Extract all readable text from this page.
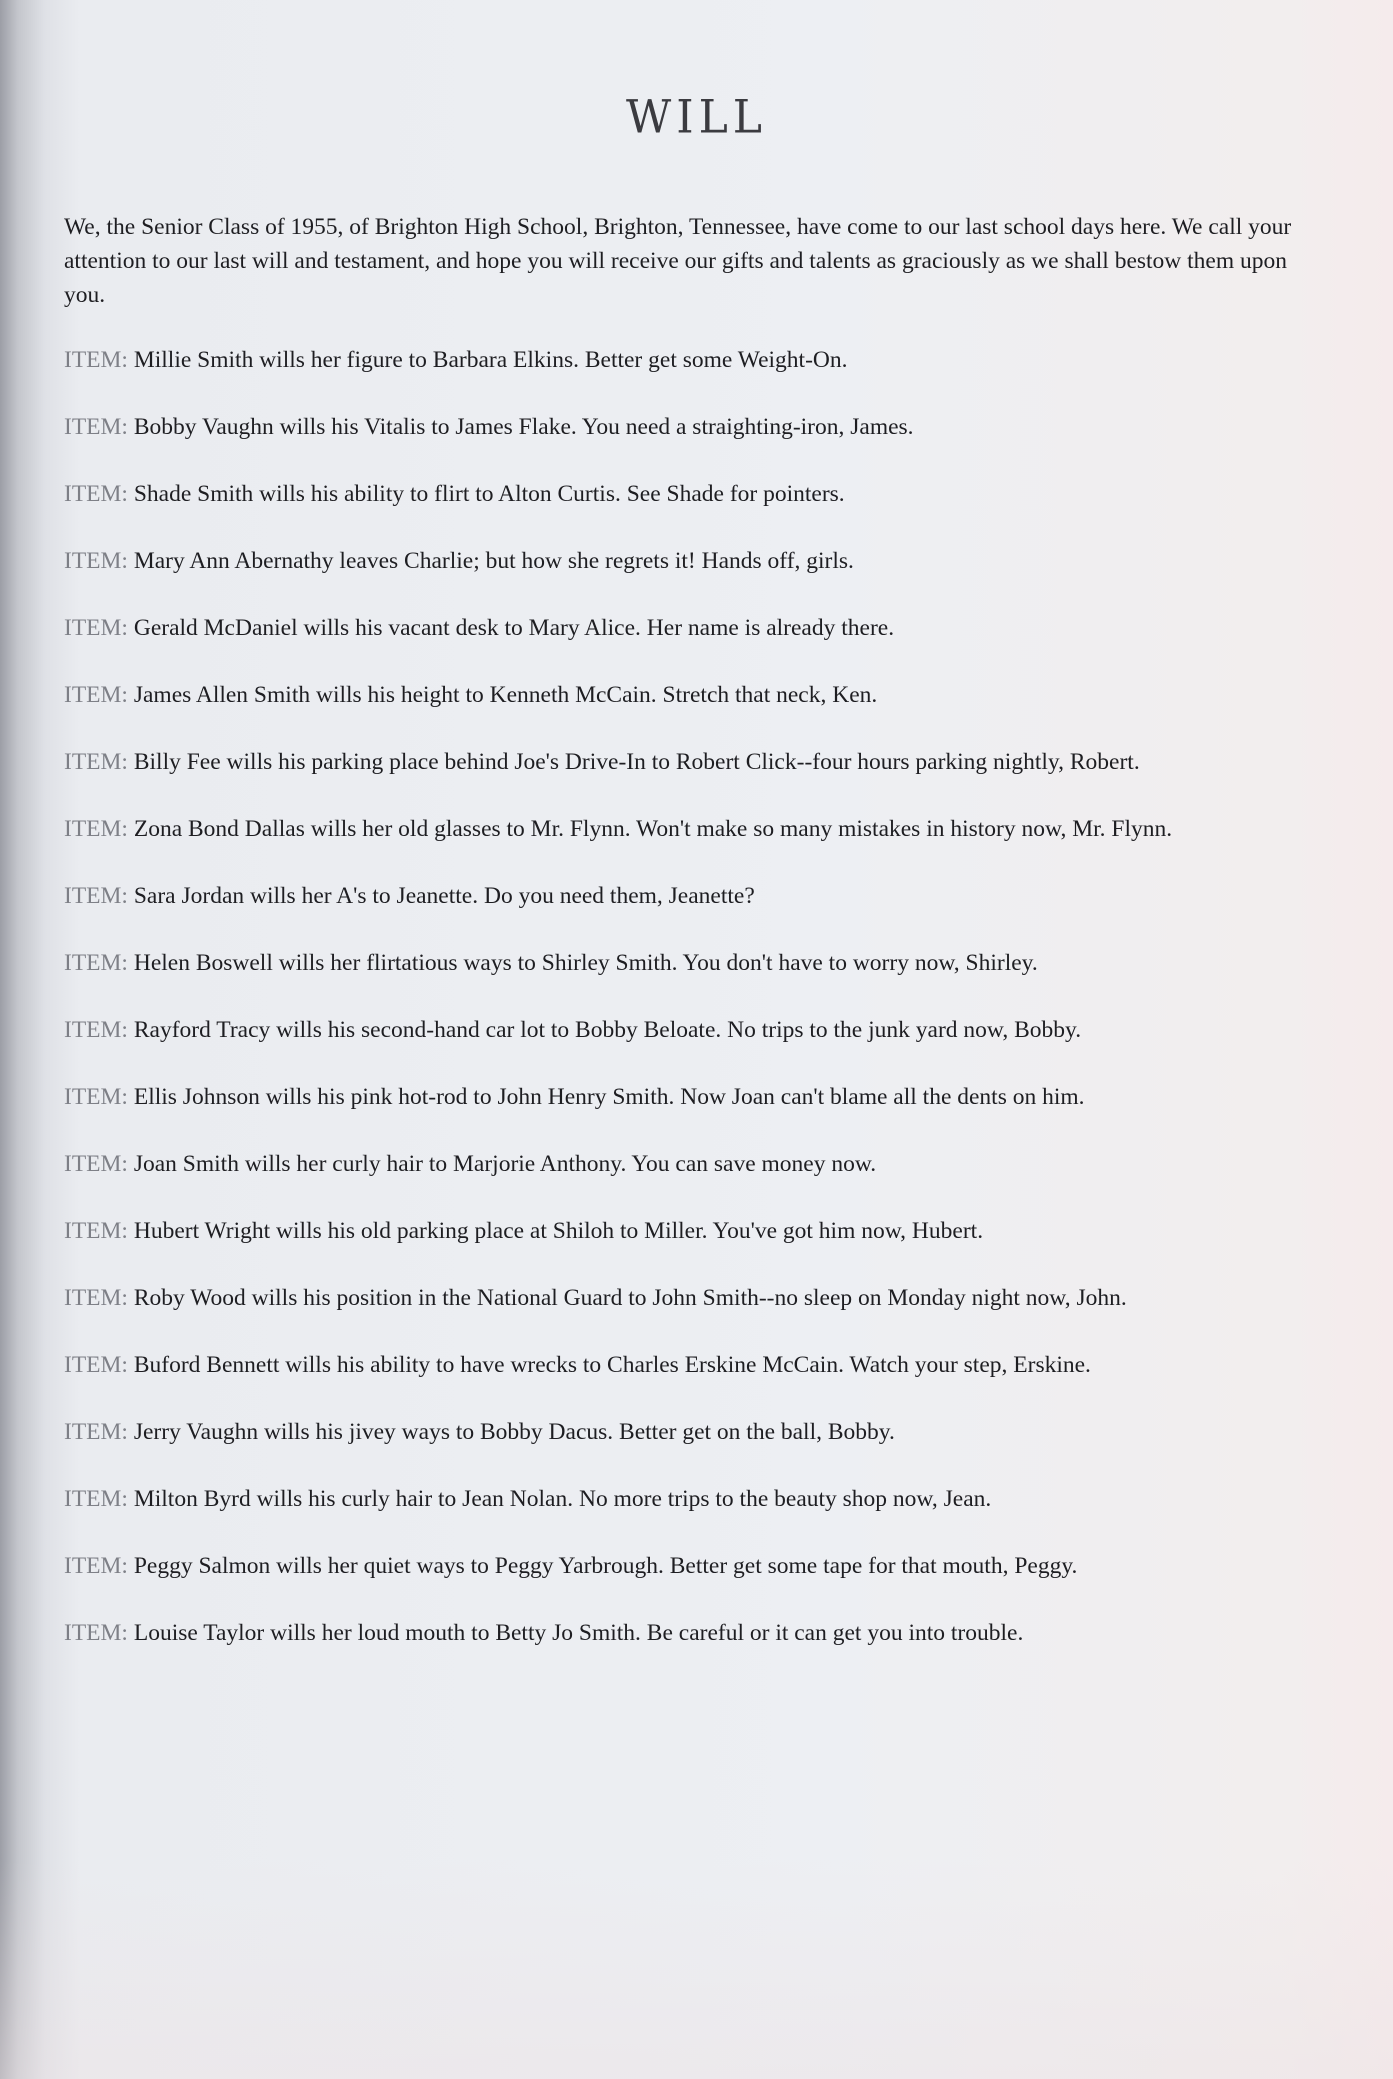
WILL

We, the Senior Class of 1955, of Brighton High School, Brighton, Tennessee, have come to our last school days here. We call your attention to our last will and testament, and hope you will receive our gifts and talents as graciously as we shall bestow them upon you.

ITEM: Millie Smith wills her figure to Barbara Elkins. Better get some Weight-On.

ITEM: Bobby Vaughn wills his Vitalis to James Flake. You need a straighting-iron, James.

ITEM: Shade Smith wills his ability to flirt to Alton Curtis. See Shade for pointers.

ITEM: Mary Ann Abernathy leaves Charlie; but how she regrets it! Hands off, girls.

ITEM: Gerald McDaniel wills his vacant desk to Mary Alice. Her name is already there.

ITEM: James Allen Smith wills his height to Kenneth McCain. Stretch that neck, Ken.

ITEM: Billy Fee wills his parking place behind Joe's Drive-In to Robert Click--four hours parking nightly, Robert.

ITEM: Zona Bond Dallas wills her old glasses to Mr. Flynn. Won't make so many mistakes in history now, Mr. Flynn.

ITEM: Sara Jordan wills her A's to Jeanette. Do you need them, Jeanette?

ITEM: Helen Boswell wills her flirtatious ways to Shirley Smith. You don't have to worry now, Shirley.

ITEM: Rayford Tracy wills his second-hand car lot to Bobby Beloate. No trips to the junk yard now, Bobby.

ITEM: Ellis Johnson wills his pink hot-rod to John Henry Smith. Now Joan can't blame all the dents on him.

ITEM: Joan Smith wills her curly hair to Marjorie Anthony. You can save money now.

ITEM: Hubert Wright wills his old parking place at Shiloh to Miller. You've got him now, Hubert.

ITEM: Roby Wood wills his position in the National Guard to John Smith--no sleep on Monday night now, John.

ITEM: Buford Bennett wills his ability to have wrecks to Charles Erskine McCain. Watch your step, Erskine.

ITEM: Jerry Vaughn wills his jivey ways to Bobby Dacus. Better get on the ball, Bobby.

ITEM: Milton Byrd wills his curly hair to Jean Nolan. No more trips to the beauty shop now, Jean.

ITEM: Peggy Salmon wills her quiet ways to Peggy Yarbrough. Better get some tape for that mouth, Peggy.

ITEM: Louise Taylor wills her loud mouth to Betty Jo Smith. Be careful or it can get you into trouble.
